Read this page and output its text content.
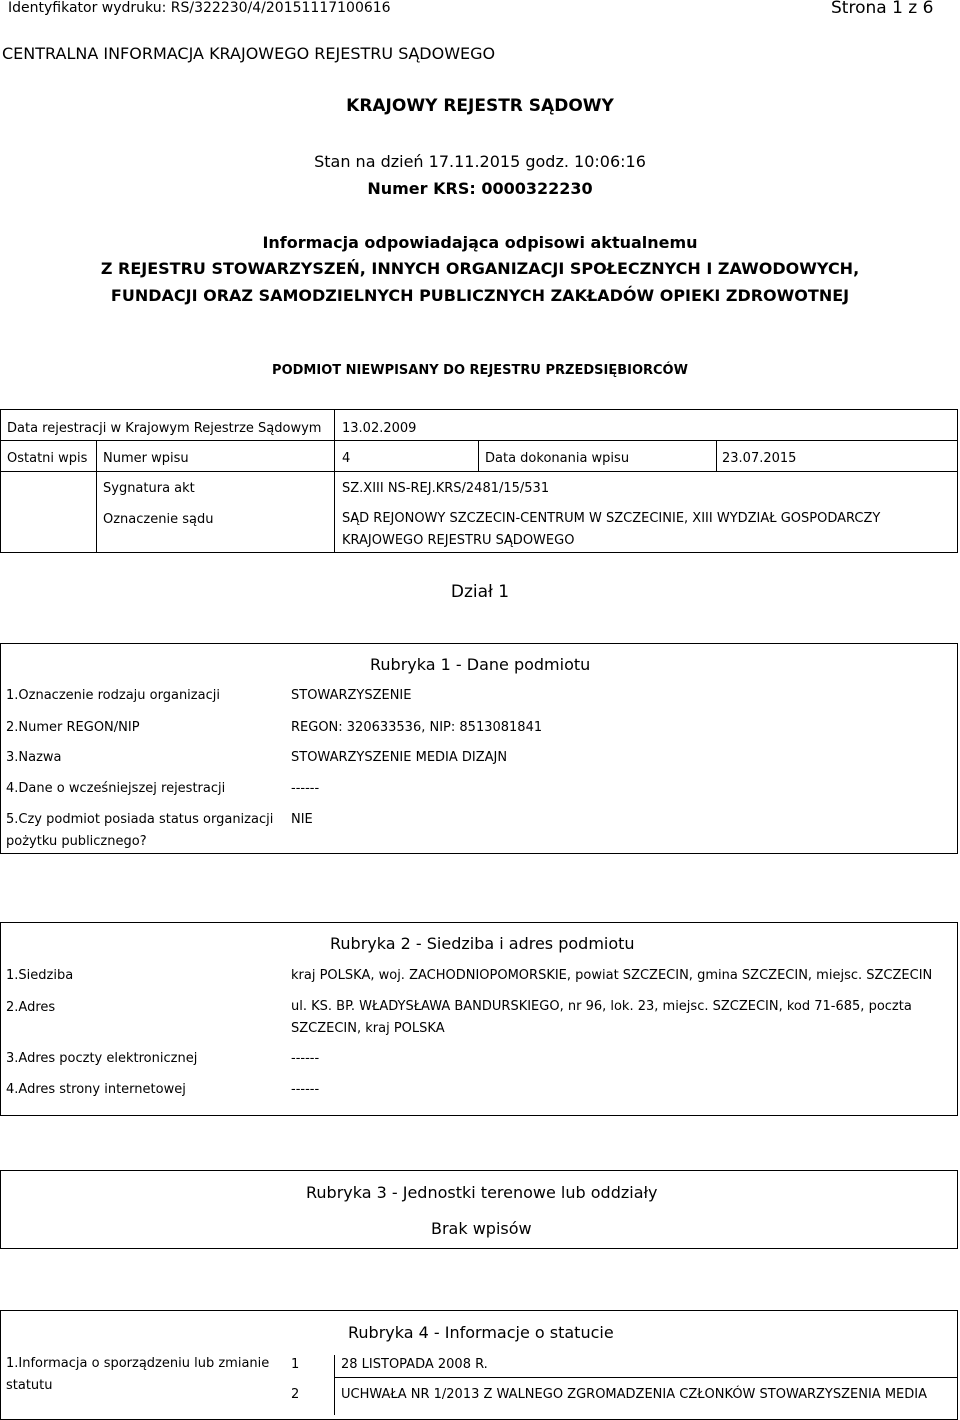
Identyfikator wydruku: RS/322230/4/20151117100616	Strona 1 z 6
CENTRALNA INFORMACJA KRAJOWEGO REJESTRU SĄDOWEGO
KRAJOWY REJESTR SĄDOWY
Stan na dzień 17.11.2015 godz. 10:06:16
Numer KRS: 0000322230
Informacja odpowiadająca odpisowi aktualnemu
Z REJESTRU STOWARZYSZEŃ, INNYCH ORGANIZACJI SPOŁECZNYCH I ZAWODOWYCH,
FUNDACJI ORAZ SAMODZIELNYCH PUBLICZNYCH ZAKŁADÓW OPIEKI ZDROWOTNEJ
PODMIOT NIEWPISANY DO REJESTRU PRZEDSIĘBIORCÓW
Data rejestracji w Krajowym Rejestrze Sądowym 13.02.2009
Ostatni wpis Numer wpisu	4	Data dokonania wpisu	23.07.2015
Sygnatura akt	SZ.XIII NS-REJ.KRS/2481/15/531
Oznaczenie sądu	SĄD REJONOWY SZCZECIN-CENTRUM W SZCZECINIE, XIII WYDZIAŁ GOSPODARCZY KRAJOWEGO REJESTRU SĄDOWEGO
Dział 1
Rubryka 1 - Dane podmiotu
1.Oznaczenie rodzaju organizacji	STOWARZYSZENIE
2.Numer REGON/NIP	REGON: 320633536, NIP: 8513081841
3.Nazwa	STOWARZYSZENIE MEDIA DIZAJN
4.Dane o wcześniejszej rejestracji	------
5.Czy podmiot posiada status organizacji pożytku publicznego?
NIE
Rubryka 2 - Siedziba i adres podmiotu
1.Siedziba	kraj POLSKA, woj. ZACHODNIOPOMORSKIE, powiat SZCZECIN, gmina SZCZECIN, miejsc. SZCZECIN
2.Adres	ul. KS. BP. WŁADYSŁAWA BANDURSKIEGO, nr 96, lok. 23, miejsc. SZCZECIN, kod 71-685, poczta SZCZECIN, kraj POLSKA
3.Adres poczty elektronicznej	------
4.Adres strony internetowej	------
Rubryka 3 - Jednostki terenowe lub oddziały
Brak wpisów
Rubryka 4 - Informacje o statucie
1.Informacja o sporządzeniu lub zmianie statutu
1	28 LISTOPADA 2008 R.
2	UCHWAŁA NR 1/2013 Z WALNEGO ZGROMADZENIA CZŁONKÓW STOWARZYSZENIA MEDIA
